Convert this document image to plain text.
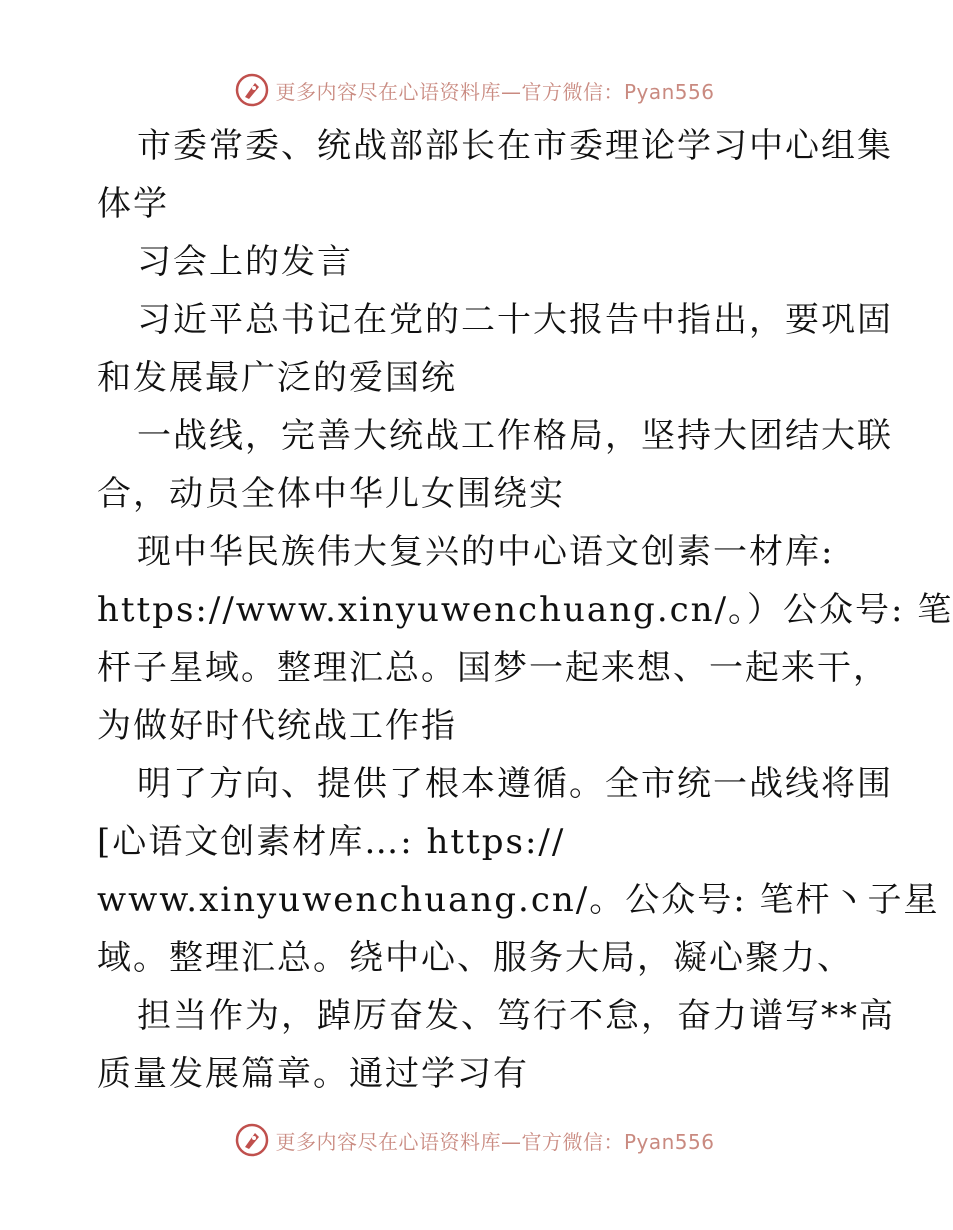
更多内容尽在心语资料库—官方微信：Pyan556
市委常委、统战部部长在市委理论学习中心组集
体学
习会上的发言
习近平总书记在党的二十大报告中指出，要巩固
和发展最广泛的爱国统
一战线，完善大统战工作格局，坚持大团结大联
合，动员全体中华儿女围绕实
现中华民族伟大复兴的中心语文创素一材库:
https://www.xinyuwenchuang.cn/。）公众号: 笔
杆子星域。整理汇总。国梦一起来想、一起来干，
为做好时代统战工作指
明了方向、提供了根本遵循。全市统一战线将围
[心语文创素材库…: https://
www.xinyuwenchuang.cn/。公众号: 笔杆丶子星
域。整理汇总。绕中心、服务大局，凝心聚力、
担当作为，踔厉奋发、笃行不怠，奋力谱写**高
质量发展篇章。通过学习有
更多内容尽在心语资料库—官方微信：Pyan556
